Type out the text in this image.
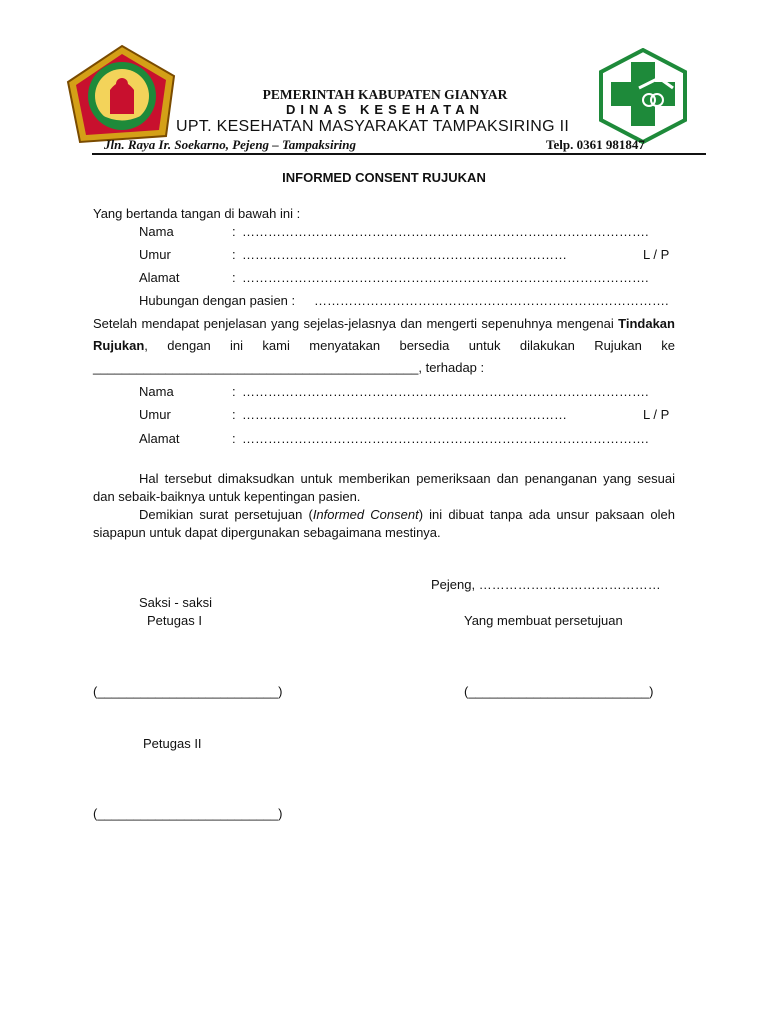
PEMERINTAH KABUPATEN GIANYAR
DINAS KESEHATAN
UPT. KESEHATAN MASYARAKAT TAMPAKSIRING II
Jln. Raya Ir. Soekarno, Pejeng – Tampaksiring	Telp. 0361 981847
INFORMED CONSENT RUJUKAN
Yang bertanda tangan di bawah ini :
Nama	: ………………………………………………………………………………….
Umur	: …………………………………………………………………	L / P
Alamat	: ………………………………………………………………………………….
Hubungan dengan pasien : ……………………………………………………………………….
Setelah mendapat penjelasan yang sejelas-jelasnya dan mengerti sepenuhnya mengenai Tindakan Rujukan, dengan ini kami menyatakan bersedia untuk dilakukan Rujukan ke _____________________________________________, terhadap :
Nama	: ………………………………………………………………………………….
Umur	: …………………………………………………………………	L / P
Alamat	: ………………………………………………………………………………….
Hal tersebut dimaksudkan untuk memberikan pemeriksaan dan penanganan yang sesuai dan sebaik-baiknya untuk kepentingan pasien.
Demikian surat persetujuan (Informed Consent) ini dibuat tanpa ada unsur paksaan oleh siapapun untuk dapat dipergunakan sebagaimana mestinya.
Pejeng, ……………………………………
Saksi - saksi
Petugas I	Yang membuat persetujuan
(_________________________)	(_________________________)
Petugas II
(_________________________)
